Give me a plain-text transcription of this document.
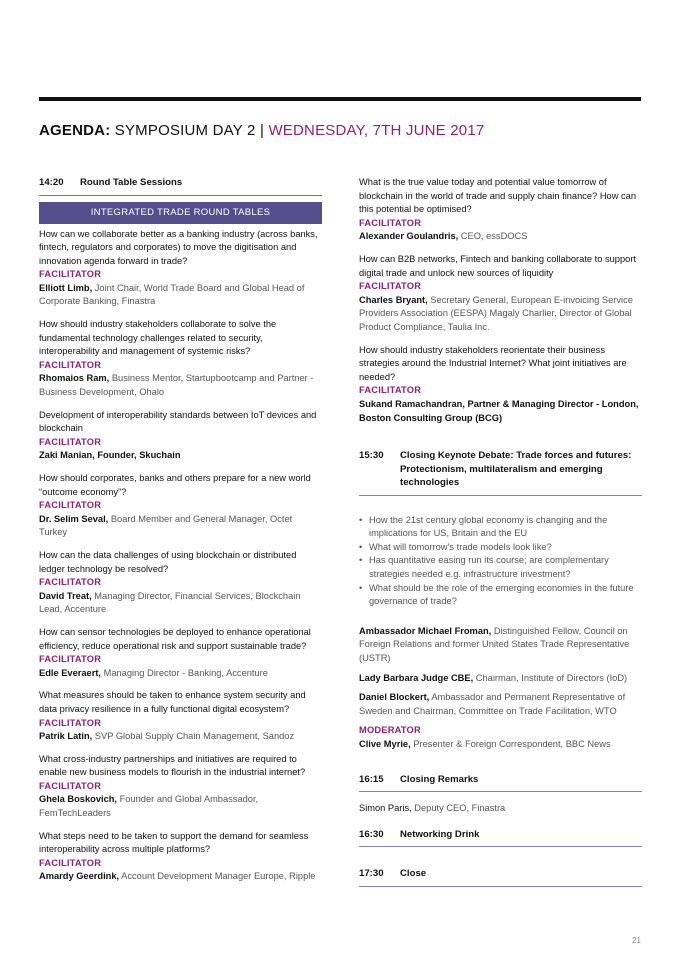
AGENDA: SYMPOSIUM DAY 2 | WEDNESDAY, 7TH JUNE 2017
14:20	Round Table Sessions
INTEGRATED TRADE ROUND TABLES
How can we collaborate better as a banking industry (across banks, fintech, regulators and corporates) to move the digitisation and innovation agenda forward in trade?
FACILITATOR
Elliott Limb, Joint Chair, World Trade Board and Global Head of Corporate Banking, Finastra
How should industry stakeholders collaborate to solve the fundamental technology challenges related to security, interoperability and management of systemic risks?
FACILITATOR
Rhomaios Ram, Business Mentor, Startupbootcamp and Partner - Business Development, Ohalo
Development of interoperability standards between IoT devices and blockchain
FACILITATOR
Zaki Manian, Founder, Skuchain
How should corporates, banks and others prepare for a new world “outcome economy”?
FACILITATOR
Dr. Selim Seval, Board Member and General Manager, Octet Turkey
How can the data challenges of using blockchain or distributed ledger technology be resolved?
FACILITATOR
David Treat, Managing Director, Financial Services, Blockchain Lead, Accenture
How can sensor technologies be deployed to enhance operational efficiency, reduce operational risk and support sustainable trade?
FACILITATOR
Edle Everaert, Managing Director - Banking, Accenture
What measures should be taken to enhance system security and data privacy resilience in a fully functional digital ecosystem?
FACILITATOR
Patrik Latin, SVP Global Supply Chain Management, Sandoz
What cross-industry partnerships and initiatives are required to enable new business models to flourish in the industrial internet?
FACILITATOR
Ghela Boskovich, Founder and Global Ambassador, FemTechLeaders
What steps need to be taken to support the demand for seamless interoperability across multiple platforms?
FACILITATOR
Amardy Geerdink, Account Development Manager Europe, Ripple
What is the true value today and potential value tomorrow of blockchain in the world of trade and supply chain finance? How can this potential be optimised?
FACILITATOR
Alexander Goulandris, CEO, essDOCS
How can B2B networks, Fintech and banking collaborate to support digital trade and unlock new sources of liquidity
FACILITATOR
Charles Bryant, Secretary General, European E-invoicing Service Providers Association (EESPA) Magaly Charlier, Director of Global Product Compliance, Taulia Inc.
How should industry stakeholders reorientate their business strategies around the Industrial Internet? What joint initiatives are needed?
FACILITATOR
Sukand Ramachandran, Partner & Managing Director - London, Boston Consulting Group (BCG)
15:30	Closing Keynote Debate: Trade forces and futures: Protectionism, multilateralism and emerging technologies
• How the 21st century global economy is changing and the implications for US, Britain and the EU
• What will tomorrow’s trade models look like?
• Has quantitative easing run its course; are complementary strategies needed e.g. infrastructure investment?
• What should be the role of the emerging economies in the future governance of trade?
Ambassador Michael Froman, Distinguished Fellow, Council on Foreign Relations and former United States Trade Representative (USTR)
Lady Barbara Judge CBE, Chairman, Institute of Directors (IoD)
Daniel Blockert, Ambassador and Permanent Representative of Sweden and Chairman, Committee on Trade Facilitation, WTO
MODERATOR
Clive Myrie, Presenter & Foreign Correspondent, BBC News
16:15	Closing Remarks
Simon Paris, Deputy CEO, Finastra
16:30	Networking Drink
17:30	Close
21
